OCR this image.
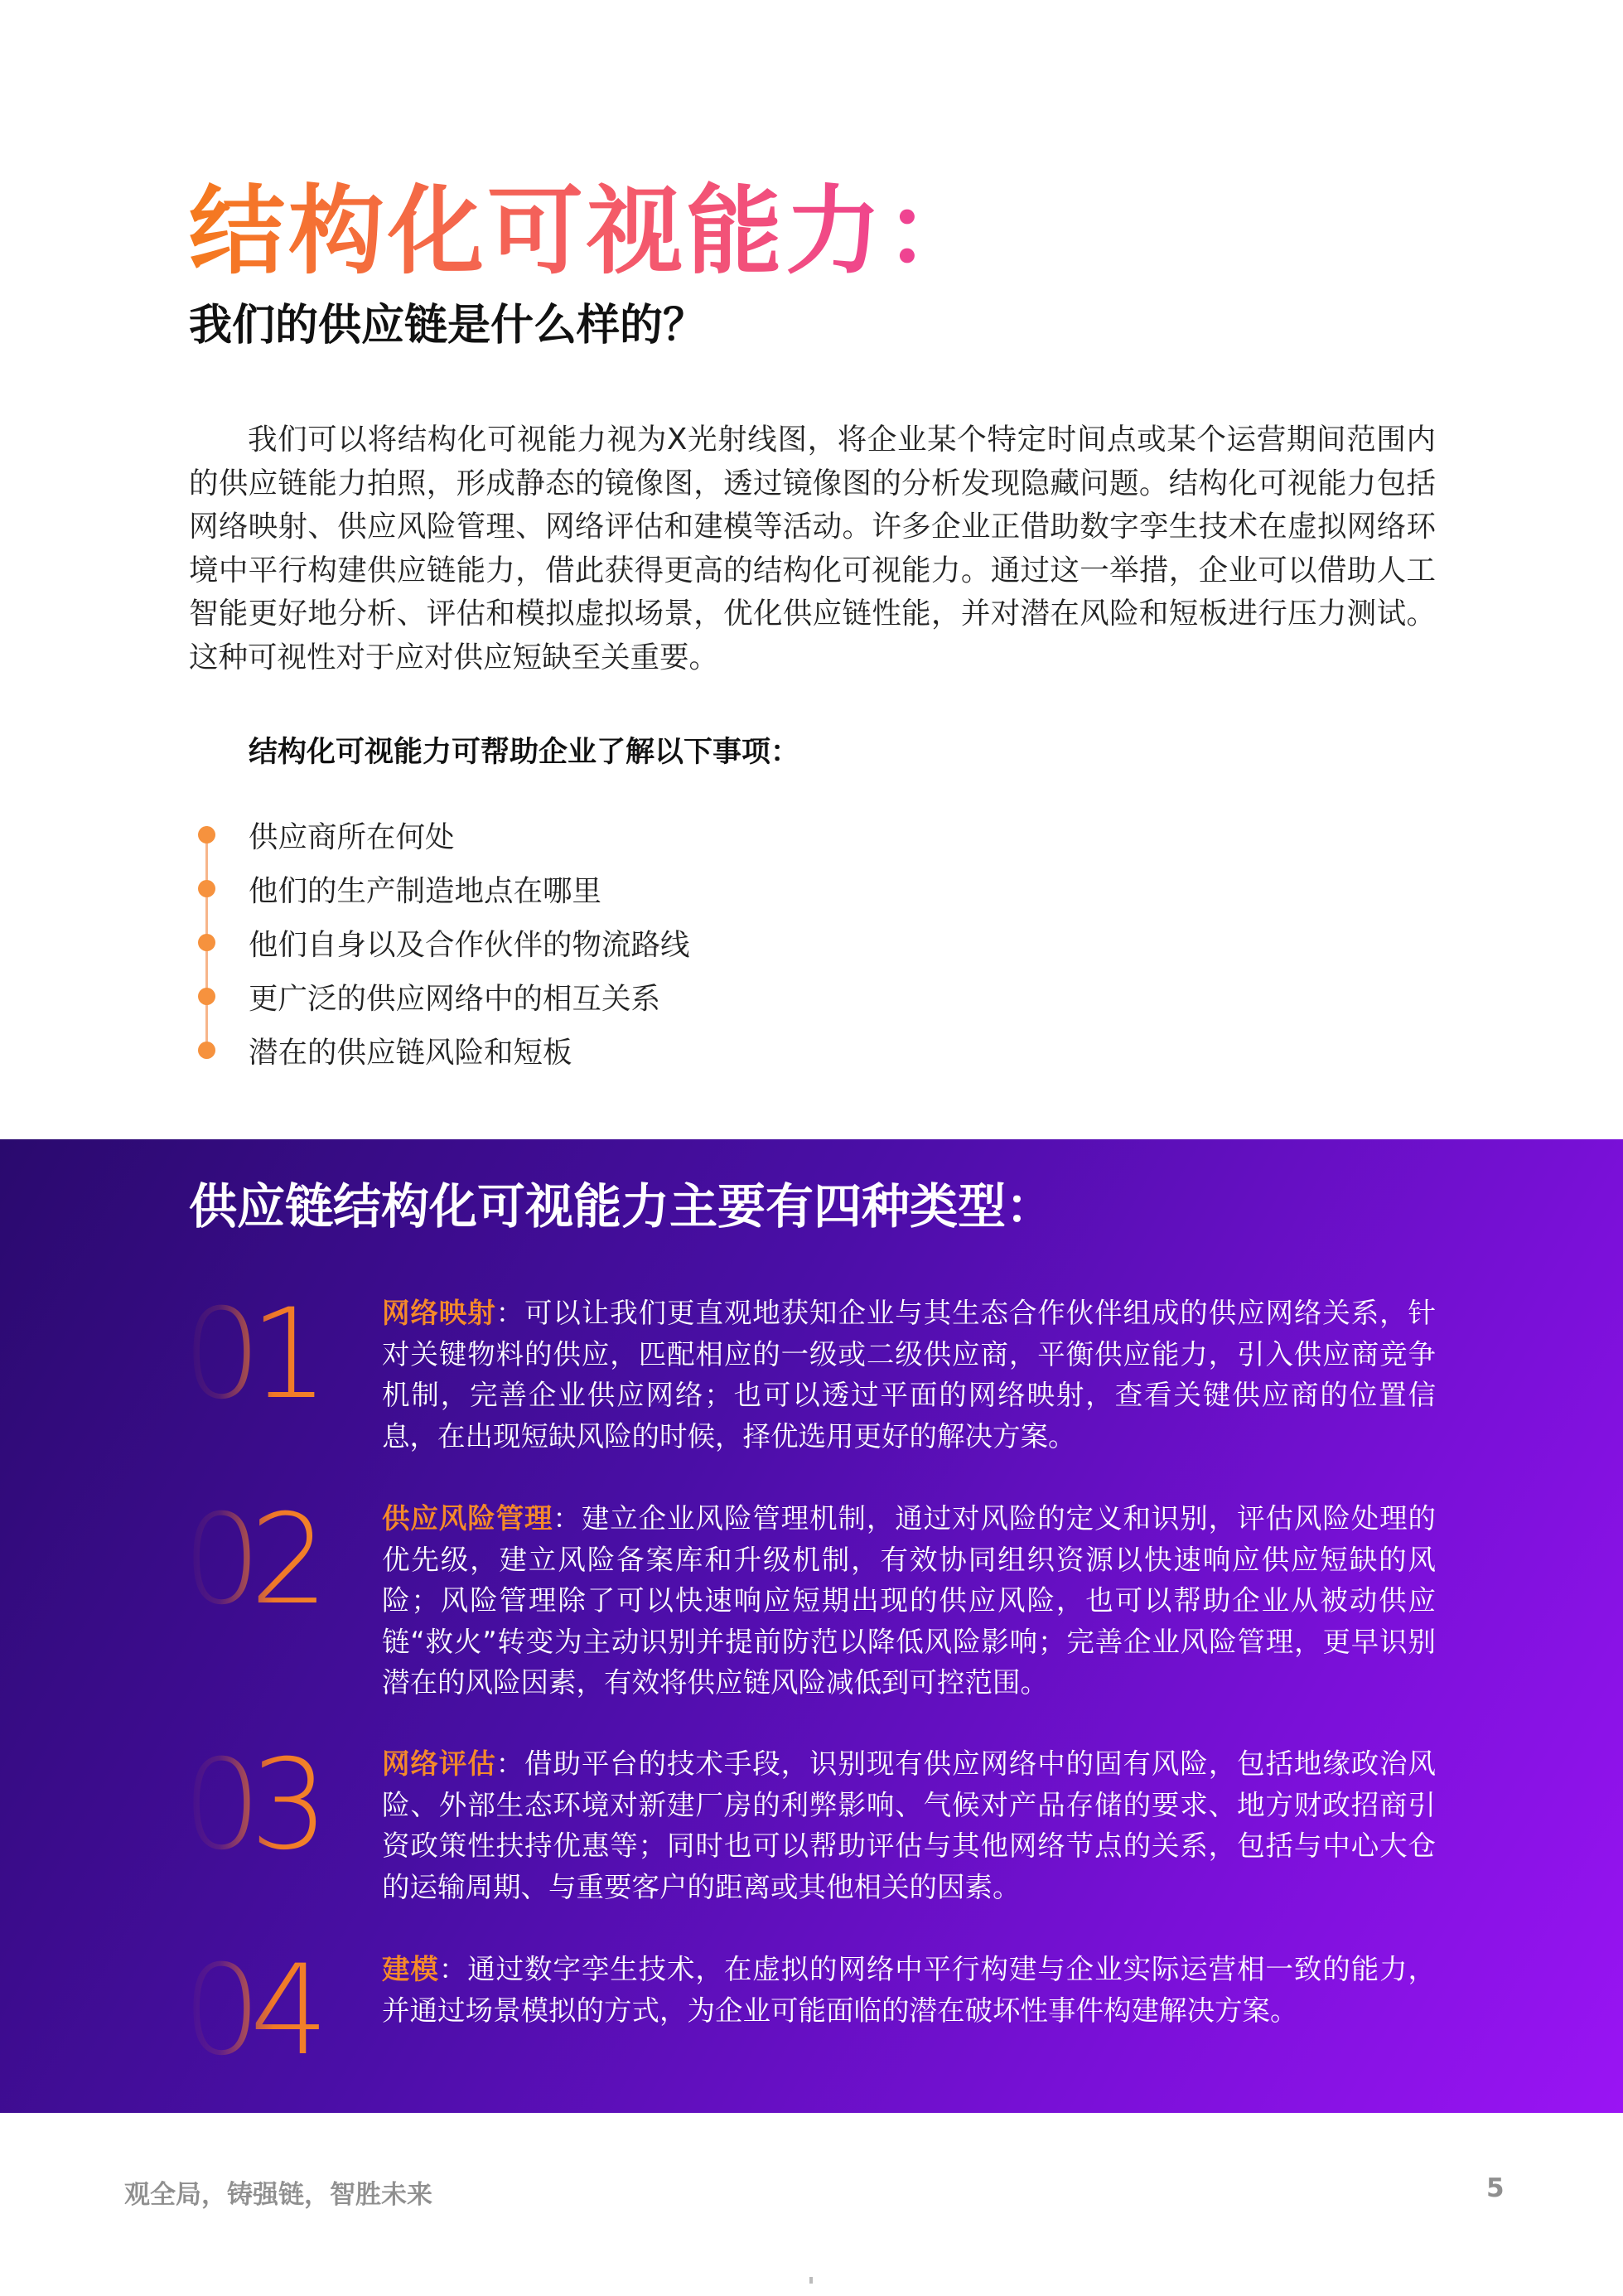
结构化可视能力：
我们的供应链是什么样的？

我们可以将结构化可视能力视为X光射线图，将企业某个特定时间点或某个运营期间范围内的供应链能力拍照，形成静态的镜像图，透过镜像图的分析发现隐藏问题。结构化可视能力包括网络映射、供应风险管理、网络评估和建模等活动。许多企业正借助数字孪生技术在虚拟网络环境中平行构建供应链能力，借此获得更高的结构化可视能力。通过这一举措，企业可以借助人工智能更好地分析、评估和模拟虚拟场景，优化供应链性能，并对潜在风险和短板进行压力测试。这种可视性对于应对供应短缺至关重要。

结构化可视能力可帮助企业了解以下事项：

供应商所在何处
他们的生产制造地点在哪里
他们自身以及合作伙伴的物流路线
更广泛的供应网络中的相互关系
潜在的供应链风险和短板
供应链结构化可视能力主要有四种类型：
01	网络映射：可以让我们更直观地获知企业与其生态合作伙伴组成的供应网络关系，针对关键物料的供应，匹配相应的一级或二级供应商，平衡供应能力，引入供应商竞争机制，完善企业供应网络；也可以透过平面的网络映射，查看关键供应商的位置信息，在出现短缺风险的时候，择优选用更好的解决方案。

02	供应风险管理：建立企业风险管理机制，通过对风险的定义和识别，评估风险处理的优先级，建立风险备案库和升级机制，有效协同组织资源以快速响应供应短缺的风险；风险管理除了可以快速响应短期出现的供应风险，也可以帮助企业从被动供应链“救火”转变为主动识别并提前防范以降低风险影响；完善企业风险管理，更早识别潜在的风险因素，有效将供应链风险减低到可控范围。

03	网络评估：借助平台的技术手段，识别现有供应网络中的固有风险，包括地缘政治风险、外部生态环境对新建厂房的利弊影响、气候对产品存储的要求、地方财政招商引资政策性扶持优惠等；同时也可以帮助评估与其他网络节点的关系，包括与中心大仓的运输周期、与重要客户的距离或其他相关的因素。

04	建模：通过数字孪生技术，在虚拟的网络中平行构建与企业实际运营相一致的能力，并通过场景模拟的方式，为企业可能面临的潜在破坏性事件构建解决方案。

观全局，铸强链，智胜未来	5
